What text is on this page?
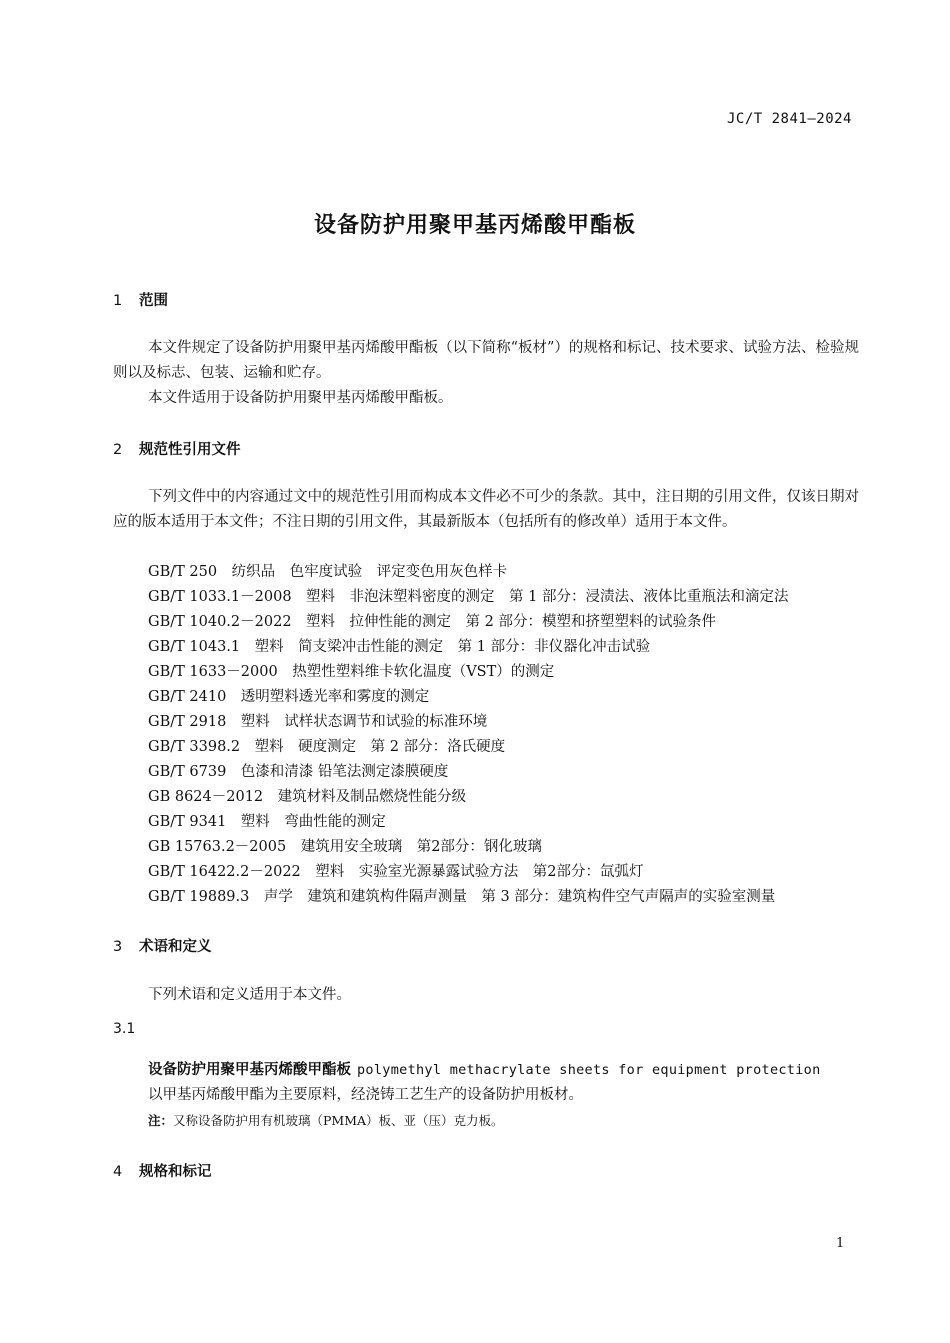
JC/T 2841—2024
设备防护用聚甲基丙烯酸甲酯板
1 范围

本文件规定了设备防护用聚甲基丙烯酸甲酯板（以下简称“板材”）的规格和标记、技术要求、试验方法、检验规则以及标志、包装、运输和贮存。

本文件适用于设备防护用聚甲基丙烯酸甲酯板。

2 规范性引用文件

下列文件中的内容通过文中的规范性引用而构成本文件必不可少的条款。其中，注日期的引用文件，仅该日期对应的版本适用于本文件；不注日期的引用文件，其最新版本（包括所有的修改单）适用于本文件。

GB/T 250　纺织品　色牢度试验　评定变色用灰色样卡
GB/T 1033.1－2008　塑料　非泡沫塑料密度的测定　第 1 部分：浸渍法、液体比重瓶法和滴定法
GB/T 1040.2－2022　塑料　拉伸性能的测定　第 2 部分：模塑和挤塑塑料的试验条件
GB/T 1043.1　塑料　简支梁冲击性能的测定　第 1 部分：非仪器化冲击试验
GB/T 1633－2000　热塑性塑料维卡软化温度（VST）的测定
GB/T 2410　透明塑料透光率和雾度的测定
GB/T 2918　塑料　试样状态调节和试验的标准环境
GB/T 3398.2　塑料　硬度测定　第 2 部分：洛氏硬度
GB/T 6739　色漆和清漆 铅笔法测定漆膜硬度
GB 8624－2012　建筑材料及制品燃烧性能分级
GB/T 9341　塑料　弯曲性能的测定
GB 15763.2－2005　建筑用安全玻璃　第2部分：钢化玻璃
GB/T 16422.2－2022　塑料　实验室光源暴露试验方法　第2部分：氙弧灯
GB/T 19889.3　声学　建筑和建筑构件隔声测量　第 3 部分：建筑构件空气声隔声的实验室测量
3 术语和定义

下列术语和定义适用于本文件。

3.1
设备防护用聚甲基丙烯酸甲酯板 polymethyl methacrylate sheets for equipment protection
以甲基丙烯酸甲酯为主要原料，经浇铸工艺生产的设备防护用板材。
注：又称设备防护用有机玻璃（PMMA）板、亚（压）克力板。
4 规格和标记
1
